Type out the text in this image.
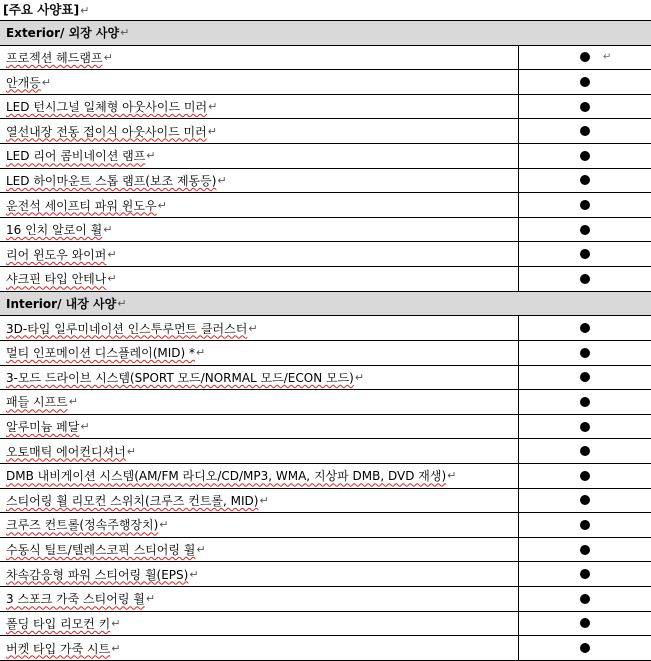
[주요 사양표]↵
Exterior/ 외장 사양 ↵
프로젝션 헤드램프 ↵	↵
안개등 ↵
LED 턴시그널 일체형 아웃사이드 미러 ↵
열선내장 전동 접이식 아웃사이드 미러 ↵
LED 리어 콤비네이션 램프 ↵
LED 하이마운트 스톱 램프(보조 제동등) ↵
운전석 세이프티 파워 윈도우 ↵
16 인치 알로이 휠 ↵
리어 윈도우 와이퍼 ↵
샤크핀 타입 안테나 ↵
Interior/ 내장 사양 ↵
3D-타입 일루미네이션 인스투루먼트 클러스터 ↵
멀티 인포메이션 디스플레이(MID) * ↵
3-모드 드라이브 시스템(SPORT 모드/NORMAL 모드/ECON 모드) ↵
패들 시프트 ↵
알루미늄 페달 ↵
오토매틱 에어컨디셔너 ↵
DMB 내비게이션 시스템(AM/FM 라디오/CD/MP3, WMA, 지상파 DMB, DVD 재생) ↵
스티어링 휠 리모컨 스위치(크루즈 컨트롤, MID) ↵
크루즈 컨트롤(정속주행장치) ↵
수동식 틸트/텔레스코픽 스티어링 휠 ↵
차속감응형 파워 스티어링 휠(EPS) ↵
3 스포크 가죽 스티어링 휠 ↵
폴딩 타입 리모컨 키 ↵
버켓 타입 가죽 시트 ↵
